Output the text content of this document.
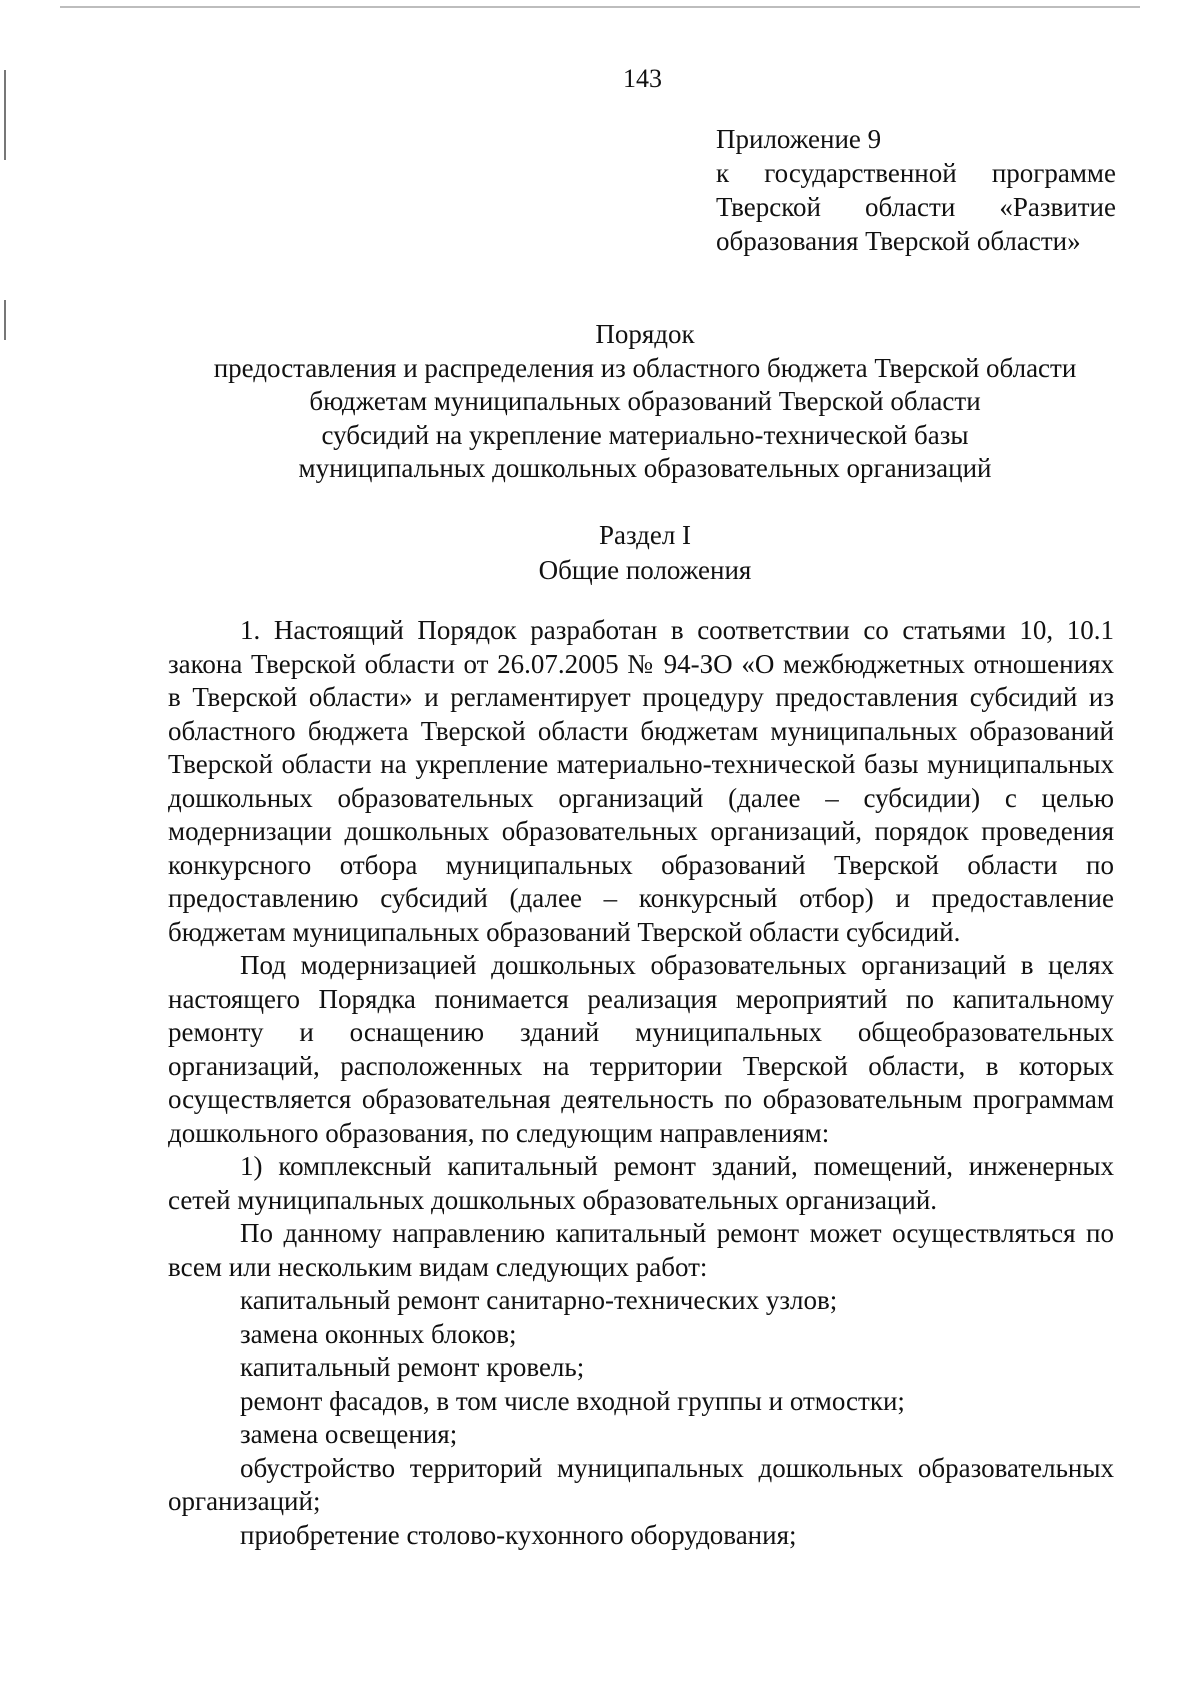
143
Приложение 9
к государственной программе
Тверской области «Развитие
образования Тверской области»
Порядок
предоставления и распределения из областного бюджета Тверской области
бюджетам муниципальных образований Тверской области
субсидий на укрепление материально-технической базы
муниципальных дошкольных образовательных организаций
Раздел I
Общие положения

1. Настоящий Порядок разработан в соответствии со статьями 10, 10.1 закона Тверской области от 26.07.2005 № 94-ЗО «О межбюджетных отношениях в Тверской области» и регламентирует процедуру предоставления субсидий из областного бюджета Тверской области бюджетам муниципальных образований Тверской области на укрепление материально-технической базы муниципальных дошкольных образовательных организаций (далее – субсидии) с целью модернизации дошкольных образовательных организаций, порядок проведения конкурсного отбора муниципальных образований Тверской области по предоставлению субсидий (далее – конкурсный отбор) и предоставление бюджетам муниципальных образований Тверской области субсидий.

Под модернизацией дошкольных образовательных организаций в целях настоящего Порядка понимается реализация мероприятий по капитальному ремонту и оснащению зданий муниципальных общеобразовательных организаций, расположенных на территории Тверской области, в которых осуществляется образовательная деятельность по образовательным программам дошкольного образования, по следующим направлениям:

1) комплексный капитальный ремонт зданий, помещений, инженерных сетей муниципальных дошкольных образовательных организаций.

По данному направлению капитальный ремонт может осуществляться по всем или нескольким видам следующих работ:

капитальный ремонт санитарно-технических узлов;
замена оконных блоков;
капитальный ремонт кровель;
ремонт фасадов, в том числе входной группы и отмостки;
замена освещения;

обустройство территорий муниципальных дошкольных образовательных организаций;

приобретение столово-кухонного оборудования;
